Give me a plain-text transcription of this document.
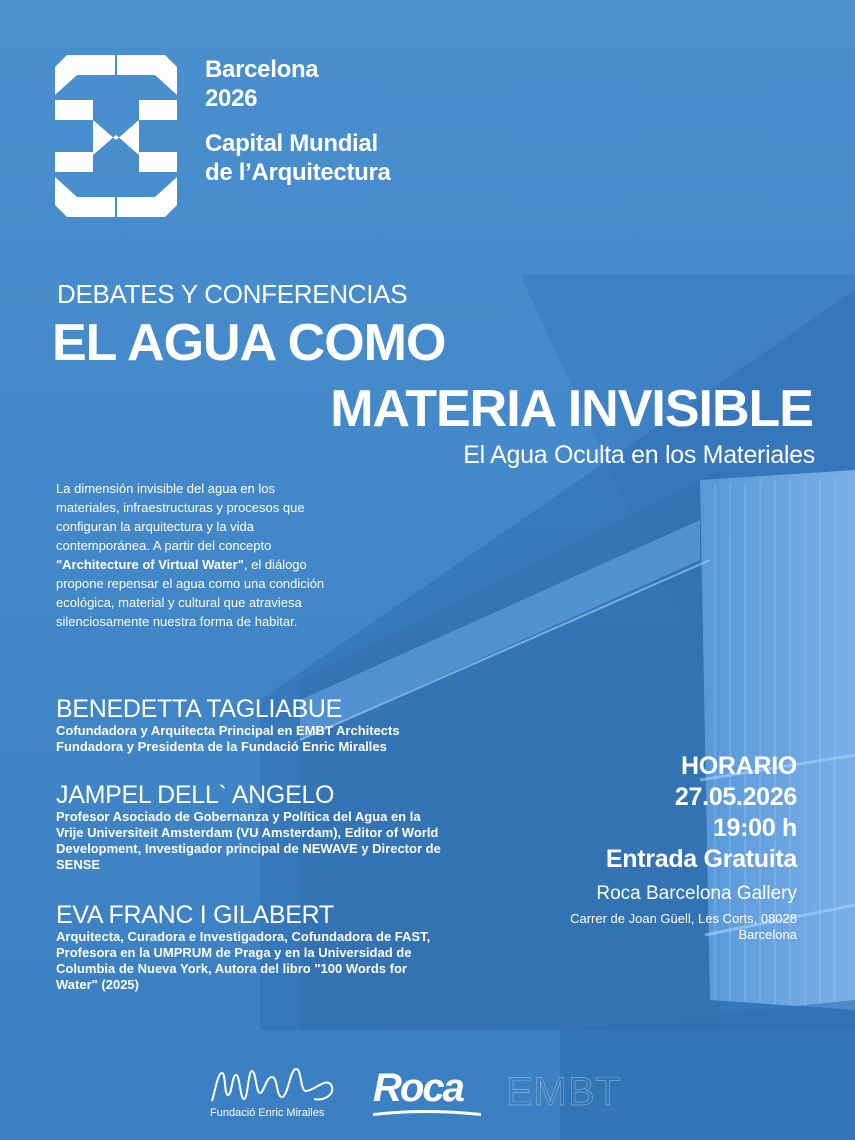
Barcelona
2026
Capital Mundial
de l’Arquitectura
DEBATES Y CONFERENCIAS
EL AGUA COMO
MATERIA INVISIBLE
El Agua Oculta en los Materiales
La dimensión invisible del agua en los materiales, infraestructuras y procesos que configuran la arquitectura y la vida contemporánea. A partir del concepto "Architecture of Virtual Water", el diálogo propone repensar el agua como una condición ecológica, material y cultural que atraviesa silenciosamente nuestra forma de habitar.
BENEDETTA TAGLIABUE
Cofundadora y Arquitecta Principal en EMBT Architects
Fundadora y Presidenta de la Fundació Enric Miralles
JAMPEL DELL` ANGELO
Profesor Asociado de Gobernanza y Política del Agua en la
Vrije Universiteit Amsterdam (VU Amsterdam), Editor of World
Development, Investigador principal de NEWAVE y Director de
SENSE
EVA FRANC I GILABERT
Arquitecta, Curadora e Investigadora, Cofundadora de FAST,
Profesora en la UMPRUM de Praga y en la Universidad de
Columbia de Nueva York, Autora del libro "100 Words for
Water" (2025)
HORARIO
27.05.2026
19:00 h
Entrada Gratuita
Roca Barcelona Gallery
Carrer de Joan Güell, Les Corts, 08028
Barcelona
Fundació Enric Miralles
Roca EMBT
